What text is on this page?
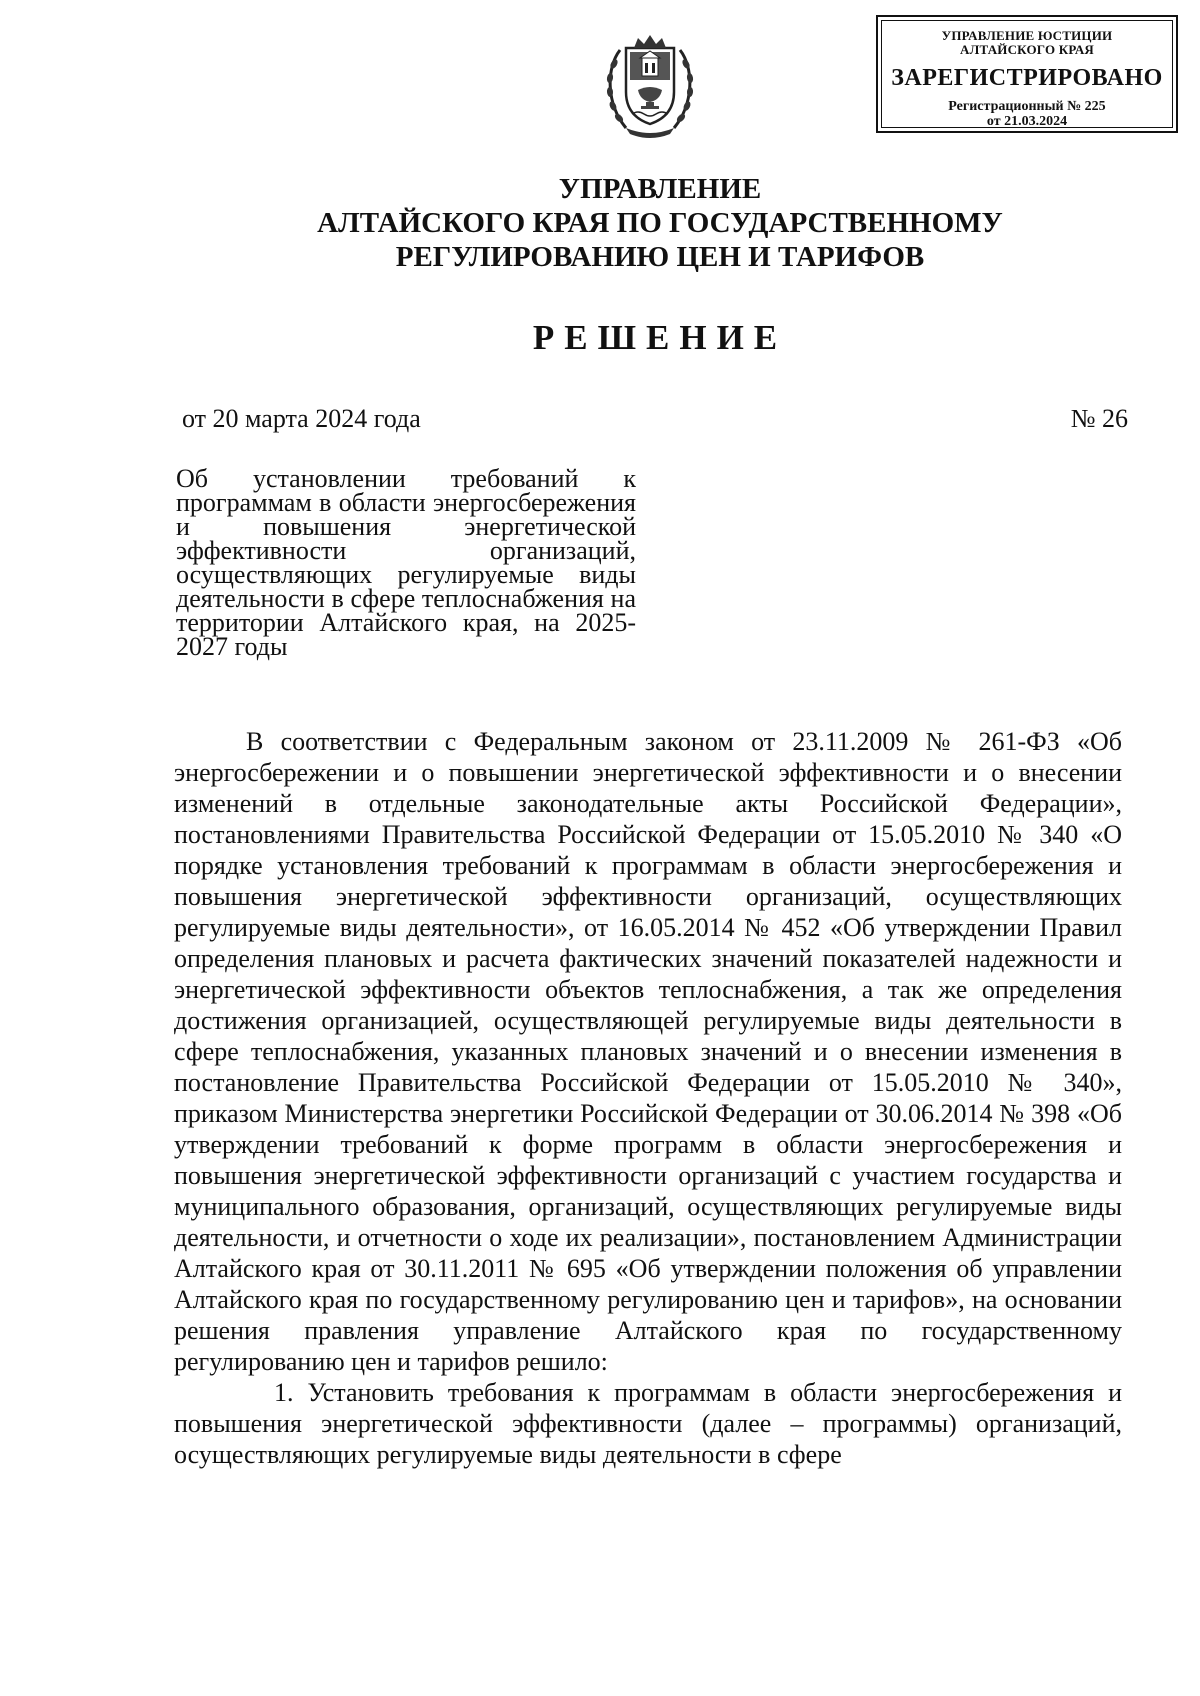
УПРАВЛЕНИЕ ЮСТИЦИИ
АЛТАЙСКОГО КРАЯ
ЗАРЕГИСТРИРОВАНО
Регистрационный № 225
от 21.03.2024
УПРАВЛЕНИЕ
АЛТАЙСКОГО КРАЯ ПО ГОСУДАРСТВЕННОМУ
РЕГУЛИРОВАНИЮ ЦЕН И ТАРИФОВ
РЕШЕНИЕ
от 20 марта 2024 года	№ 26
Об установлении требований к программам в области энергосбережения и повышения энергетической эффективности организаций, осуществляющих регулируемые виды деятельности в сфере теплоснабжения на территории Алтайского края, на 2025-2027 годы

В соответствии с Федеральным законом от 23.11.2009 № 261-ФЗ «Об энергосбережении и о повышении энергетической эффективности и о внесении изменений в отдельные законодательные акты Российской Федерации», постановлениями Правительства Российской Федерации от 15.05.2010 № 340 «О порядке установления требований к программам в области энергосбережения и повышения энергетической эффективности организаций, осуществляющих регулируемые виды деятельности», от 16.05.2014 № 452 «Об утверждении Правил определения плановых и расчета фактических значений показателей надежности и энергетической эффективности объектов теплоснабжения, а так же определения достижения организацией, осуществляющей регулируемые виды деятельности в сфере теплоснабжения, указанных плановых значений и о внесении изменения в постановление Правительства Российской Федерации от 15.05.2010 № 340», приказом Министерства энергетики Российской Федерации от 30.06.2014 № 398 «Об утверждении требований к форме программ в области энергосбережения и повышения энергетической эффективности организаций с участием государства и муниципального образования, организаций, осуществляющих регулируемые виды деятельности, и отчетности о ходе их реализации», постановлением Администрации Алтайского края от 30.11.2011 № 695 «Об утверждении положения об управлении Алтайского края по государственному регулированию цен и тарифов», на основании решения правления управление Алтайского края по государственному регулированию цен и тарифов решило:

1. Установить требования к программам в области энергосбережения и повышения энергетической эффективности (далее – программы) организаций, осуществляющих регулируемые виды деятельности в сфере
